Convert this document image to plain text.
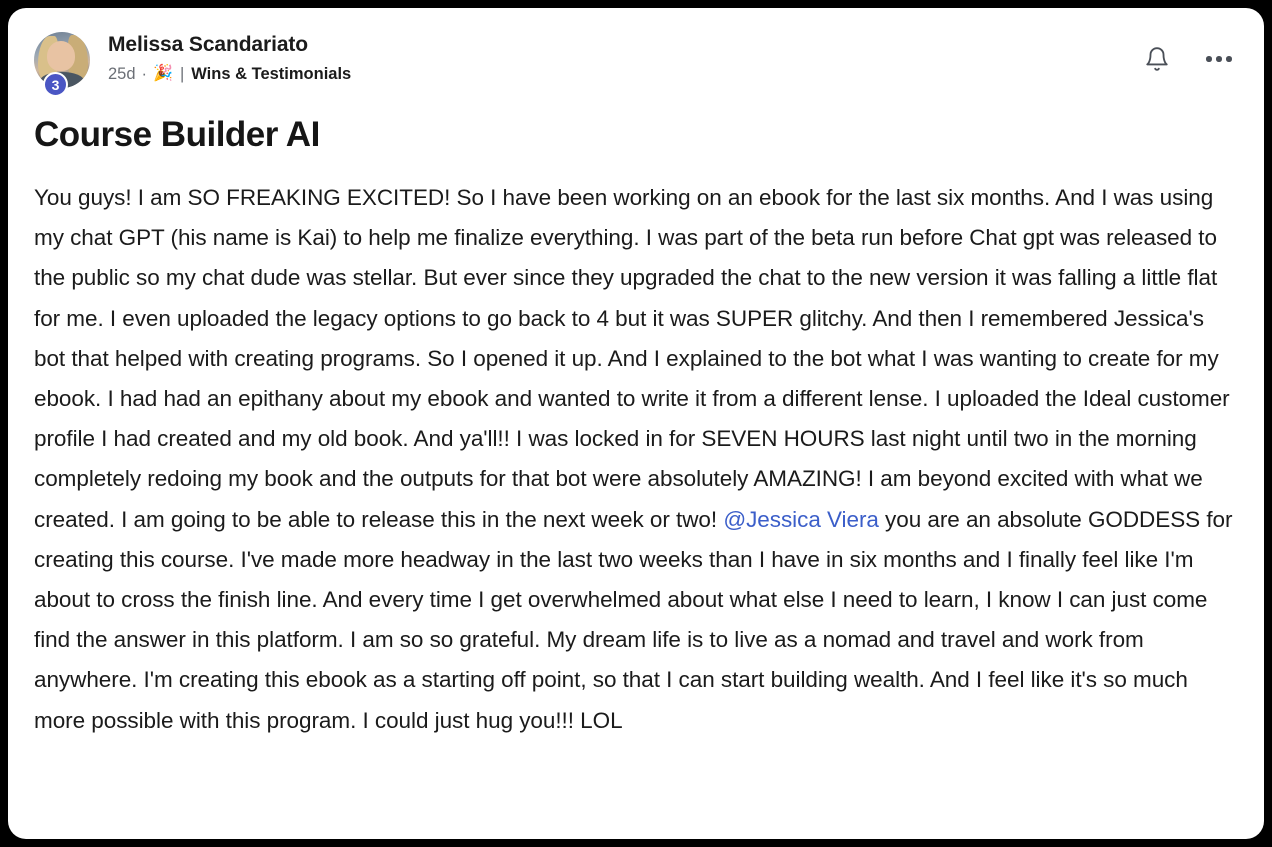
3
Melissa Scandariato
25d · 🎉 | Wins & Testimonials
Course Builder AI
You guys! I am SO FREAKING EXCITED! So I have been working on an ebook for the last six months. And I was using my chat GPT (his name is Kai) to help me finalize everything. I was part of the beta run before Chat gpt was released to the public so my chat dude was stellar. But ever since they upgraded the chat to the new version it was falling a little flat for me. I even uploaded the legacy options to go back to 4 but it was SUPER glitchy. And then I remembered Jessica's bot that helped with creating programs. So I opened it up. And I explained to the bot what I was wanting to create for my ebook. I had had an epithany about my ebook and wanted to write it from a different lense. I uploaded the Ideal customer profile I had created and my old book. And ya'll!! I was locked in for SEVEN HOURS last night until two in the morning completely redoing my book and the outputs for that bot were absolutely AMAZING! I am beyond excited with what we created. I am going to be able to release this in the next week or two! @Jessica Viera you are an absolute GODDESS for creating this course. I've made more headway in the last two weeks than I have in six months and I finally feel like I'm about to cross the finish line. And every time I get overwhelmed about what else I need to learn, I know I can just come find the answer in this platform. I am so so grateful. My dream life is to live as a nomad and travel and work from anywhere. I'm creating this ebook as a starting off point, so that I can start building wealth. And I feel like it's so much more possible with this program. I could just hug you!!! LOL
